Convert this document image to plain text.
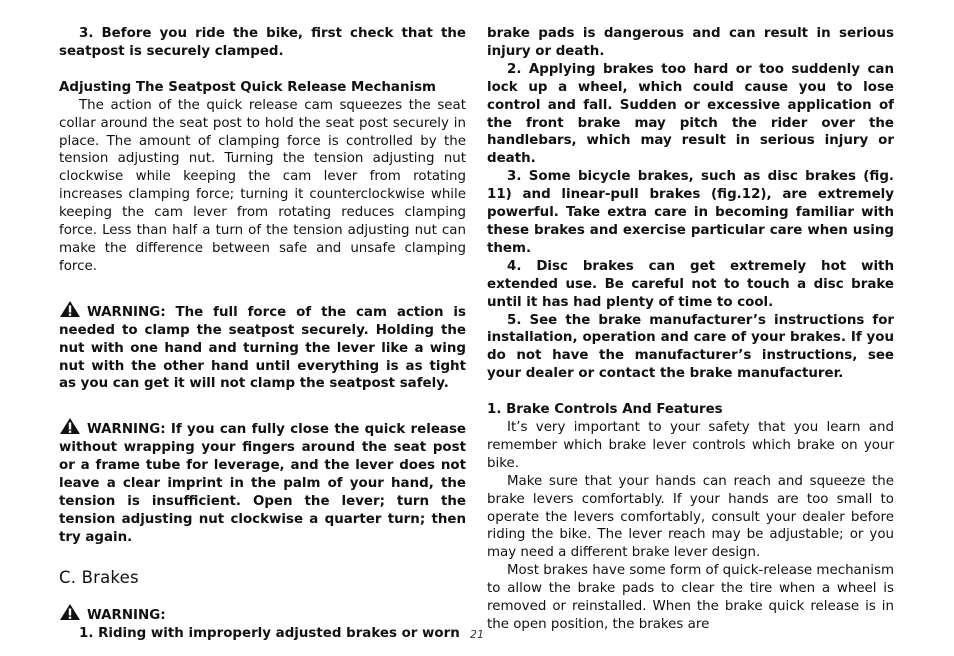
3. Before you ride the bike, first check that the seatpost is securely clamped.

Adjusting The Seatpost Quick Release Mechanism

The action of the quick release cam squeezes the seat collar around the seat post to hold the seat post securely in place. The amount of clamping force is controlled by the tension adjusting nut. Turning the tension adjusting nut clockwise while keeping the cam lever from rotating increases clamping force; turning it counterclockwise while keeping the cam lever from rotating reduces clamping force. Less than half a turn of the tension adjusting nut can make the difference between safe and unsafe clamping force.

WARNING: The full force of the cam action is needed to clamp the seatpost securely. Holding the nut with one hand and turning the lever like a wing nut with the other hand until everything is as tight as you can get it will not clamp the seatpost safely.

WARNING: If you can fully close the quick release without wrapping your fingers around the seat post or a frame tube for leverage, and the lever does not leave a clear imprint in the palm of your hand, the tension is insufficient. Open the lever; turn the tension adjusting nut clockwise a quarter turn; then try again.

C. Brakes

WARNING:

1. Riding with improperly adjusted brakes or worn

brake pads is dangerous and can result in serious injury or death.

2. Applying brakes too hard or too suddenly can lock up a wheel, which could cause you to lose control and fall. Sudden or excessive application of the front brake may pitch the rider over the handlebars, which may result in serious injury or death.

3. Some bicycle brakes, such as disc brakes (fig. 11) and linear-pull brakes (fig.12), are extremely powerful. Take extra care in becoming familiar with these brakes and exercise particular care when using them.

4. Disc brakes can get extremely hot with extended use. Be careful not to touch a disc brake until it has had plenty of time to cool.

5. See the brake manufacturer’s instructions for installation, operation and care of your brakes. If you do not have the manufacturer’s instructions, see your dealer or contact the brake manufacturer.

1. Brake Controls And Features

It’s very important to your safety that you learn and remember which brake lever controls which brake on your bike.

Make sure that your hands can reach and squeeze the brake levers comfortably. If your hands are too small to operate the levers comfortably, consult your dealer before riding the bike. The lever reach may be adjustable; or you may need a different brake lever design.

Most brakes have some form of quick-release mechanism to allow the brake pads to clear the tire when a wheel is removed or reinstalled. When the brake quick release is in the open position, the brakes are

21
